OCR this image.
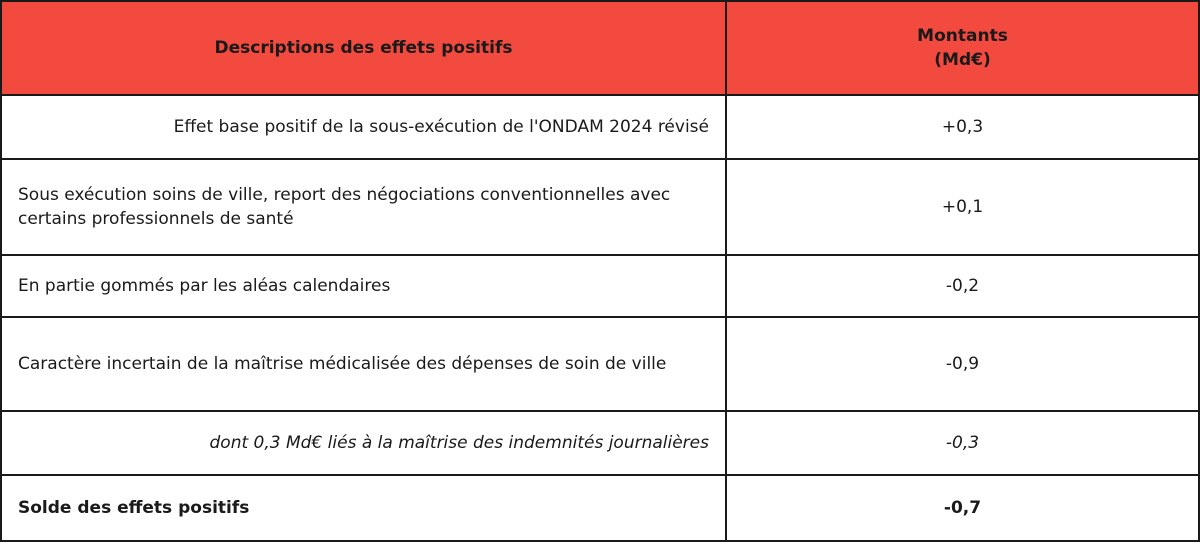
Descriptions des effets positifs	Montants
(Md€)

Effet base positif de la sous-exécution de l'ONDAM 2024 révisé	+0,3
Sous exécution soins de ville, report des négociations conventionnelles avec certains professionnels de santé	+0,1
En partie gommés par les aléas calendaires	-0,2
Caractère incertain de la maîtrise médicalisée des dépenses de soin de ville	-0,9
dont 0,3 Md€ liés à la maîtrise des indemnités journalières	-0,3
Solde des effets positifs	-0,7
